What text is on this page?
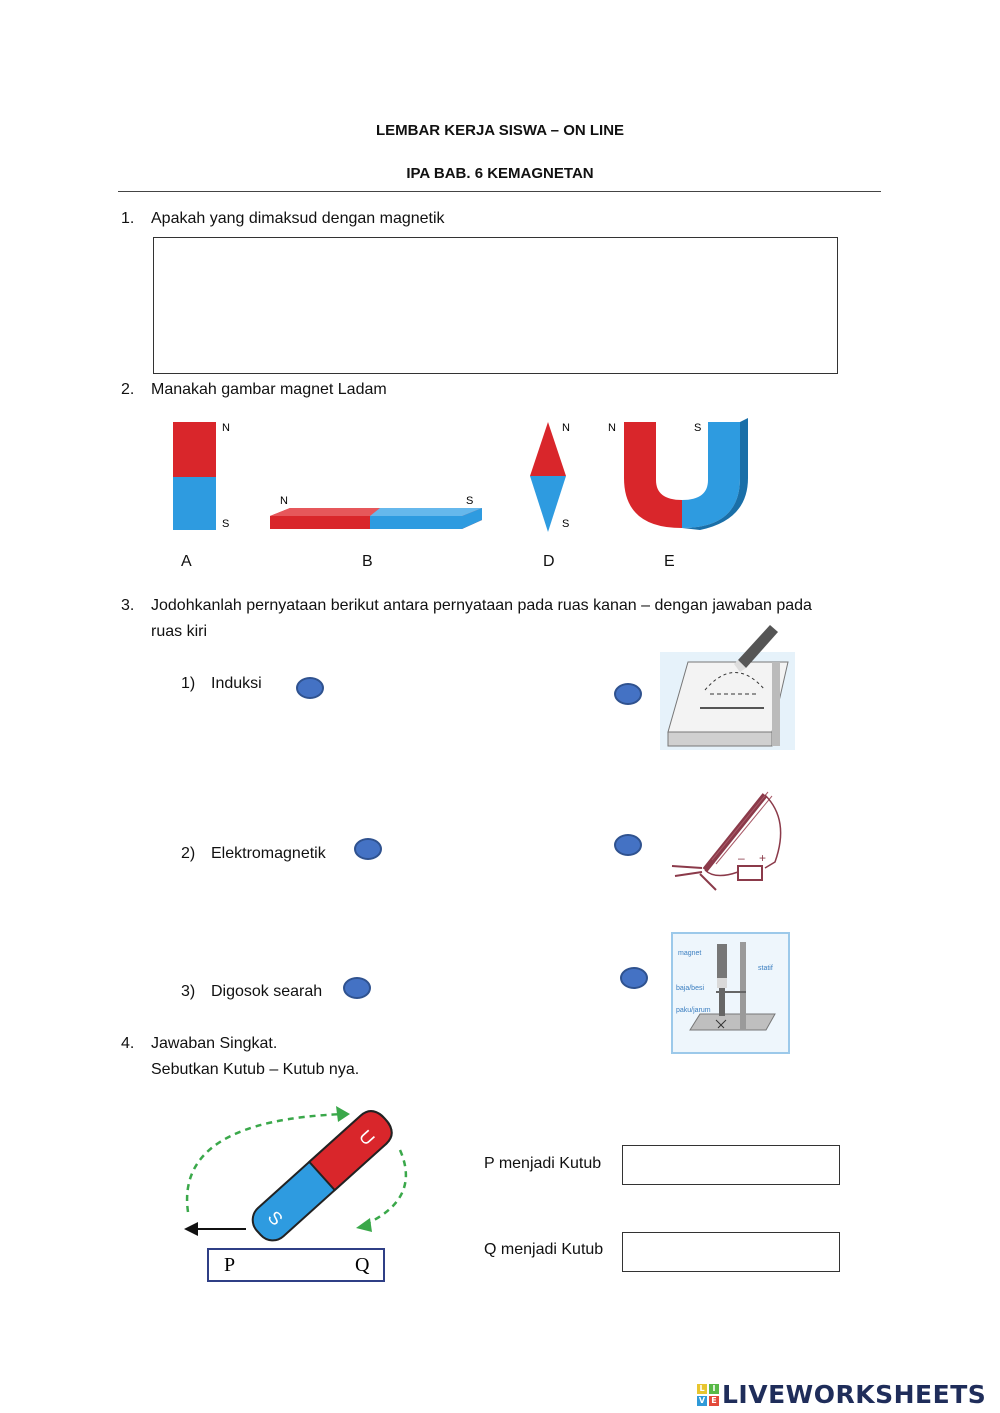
LEMBAR KERJA SISWA – ON LINE
IPA BAB. 6 KEMAGNETAN
1. Apakah yang dimaksud dengan magnetik
2. Manakah gambar magnet Ladam
N
S
N	S
N
S
N	S
A	B	D	E
3. Jodohkanlah pernyataan berikut antara pernyataan pada ruas kanan – dengan jawaban pada
ruas kiri
1) Induksi
2) Elektromagnetik
3) Digosok searah
– +
magnet
statif
baja/besi
paku/jarum
4. Jawaban Singkat.
Sebutkan Kutub – Kutub nya.
U
S
P	Q
P menjadi Kutub
Q menjadi Kutub
L I
V E LIVEWORKSHEETS
